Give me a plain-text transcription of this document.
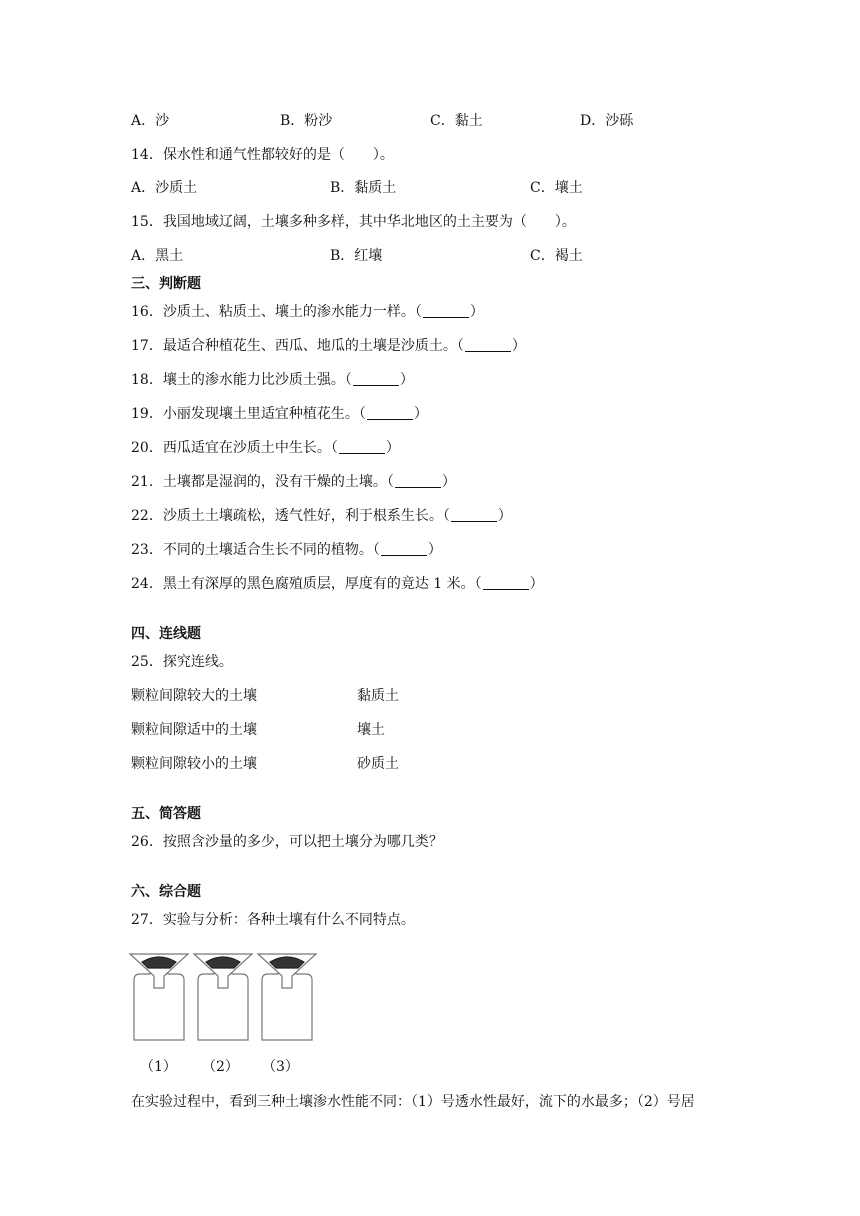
A．沙	B．粉沙	C．黏土	D．沙砾
14．保水性和通气性都较好的是（　　）。
A．沙质土	B．黏质土	C．壤土
15．我国地域辽阔，土壤多种多样，其中华北地区的土主要为（　　）。
A．黑土	B．红壤	C．褐土
三、判断题
16．沙质土、粘质土、壤土的渗水能力一样。（	）
17．最适合种植花生、西瓜、地瓜的土壤是沙质土。（	）
18．壤土的渗水能力比沙质土强。（	）
19．小丽发现壤土里适宜种植花生。（	）
20．西瓜适宜在沙质土中生长。（	）
21．土壤都是湿润的，没有干燥的土壤。（	）
22．沙质土土壤疏松，透气性好，利于根系生长。（	）
23．不同的土壤适合生长不同的植物。（	）
24．黑土有深厚的黑色腐殖质层，厚度有的竟达 1 米。（	）
四、连线题
25．探究连线。
颗粒间隙较大的土壤	黏质土
颗粒间隙适中的土壤	壤土
颗粒间隙较小的土壤	砂质土
五、简答题
26．按照含沙量的多少，可以把土壤分为哪几类？
六、综合题
27．实验与分析：各种土壤有什么不同特点。
（1） （2） （3）
在实验过程中，看到三种土壤渗水性能不同：（1）号透水性最好，流下的水最多；（2）号居
